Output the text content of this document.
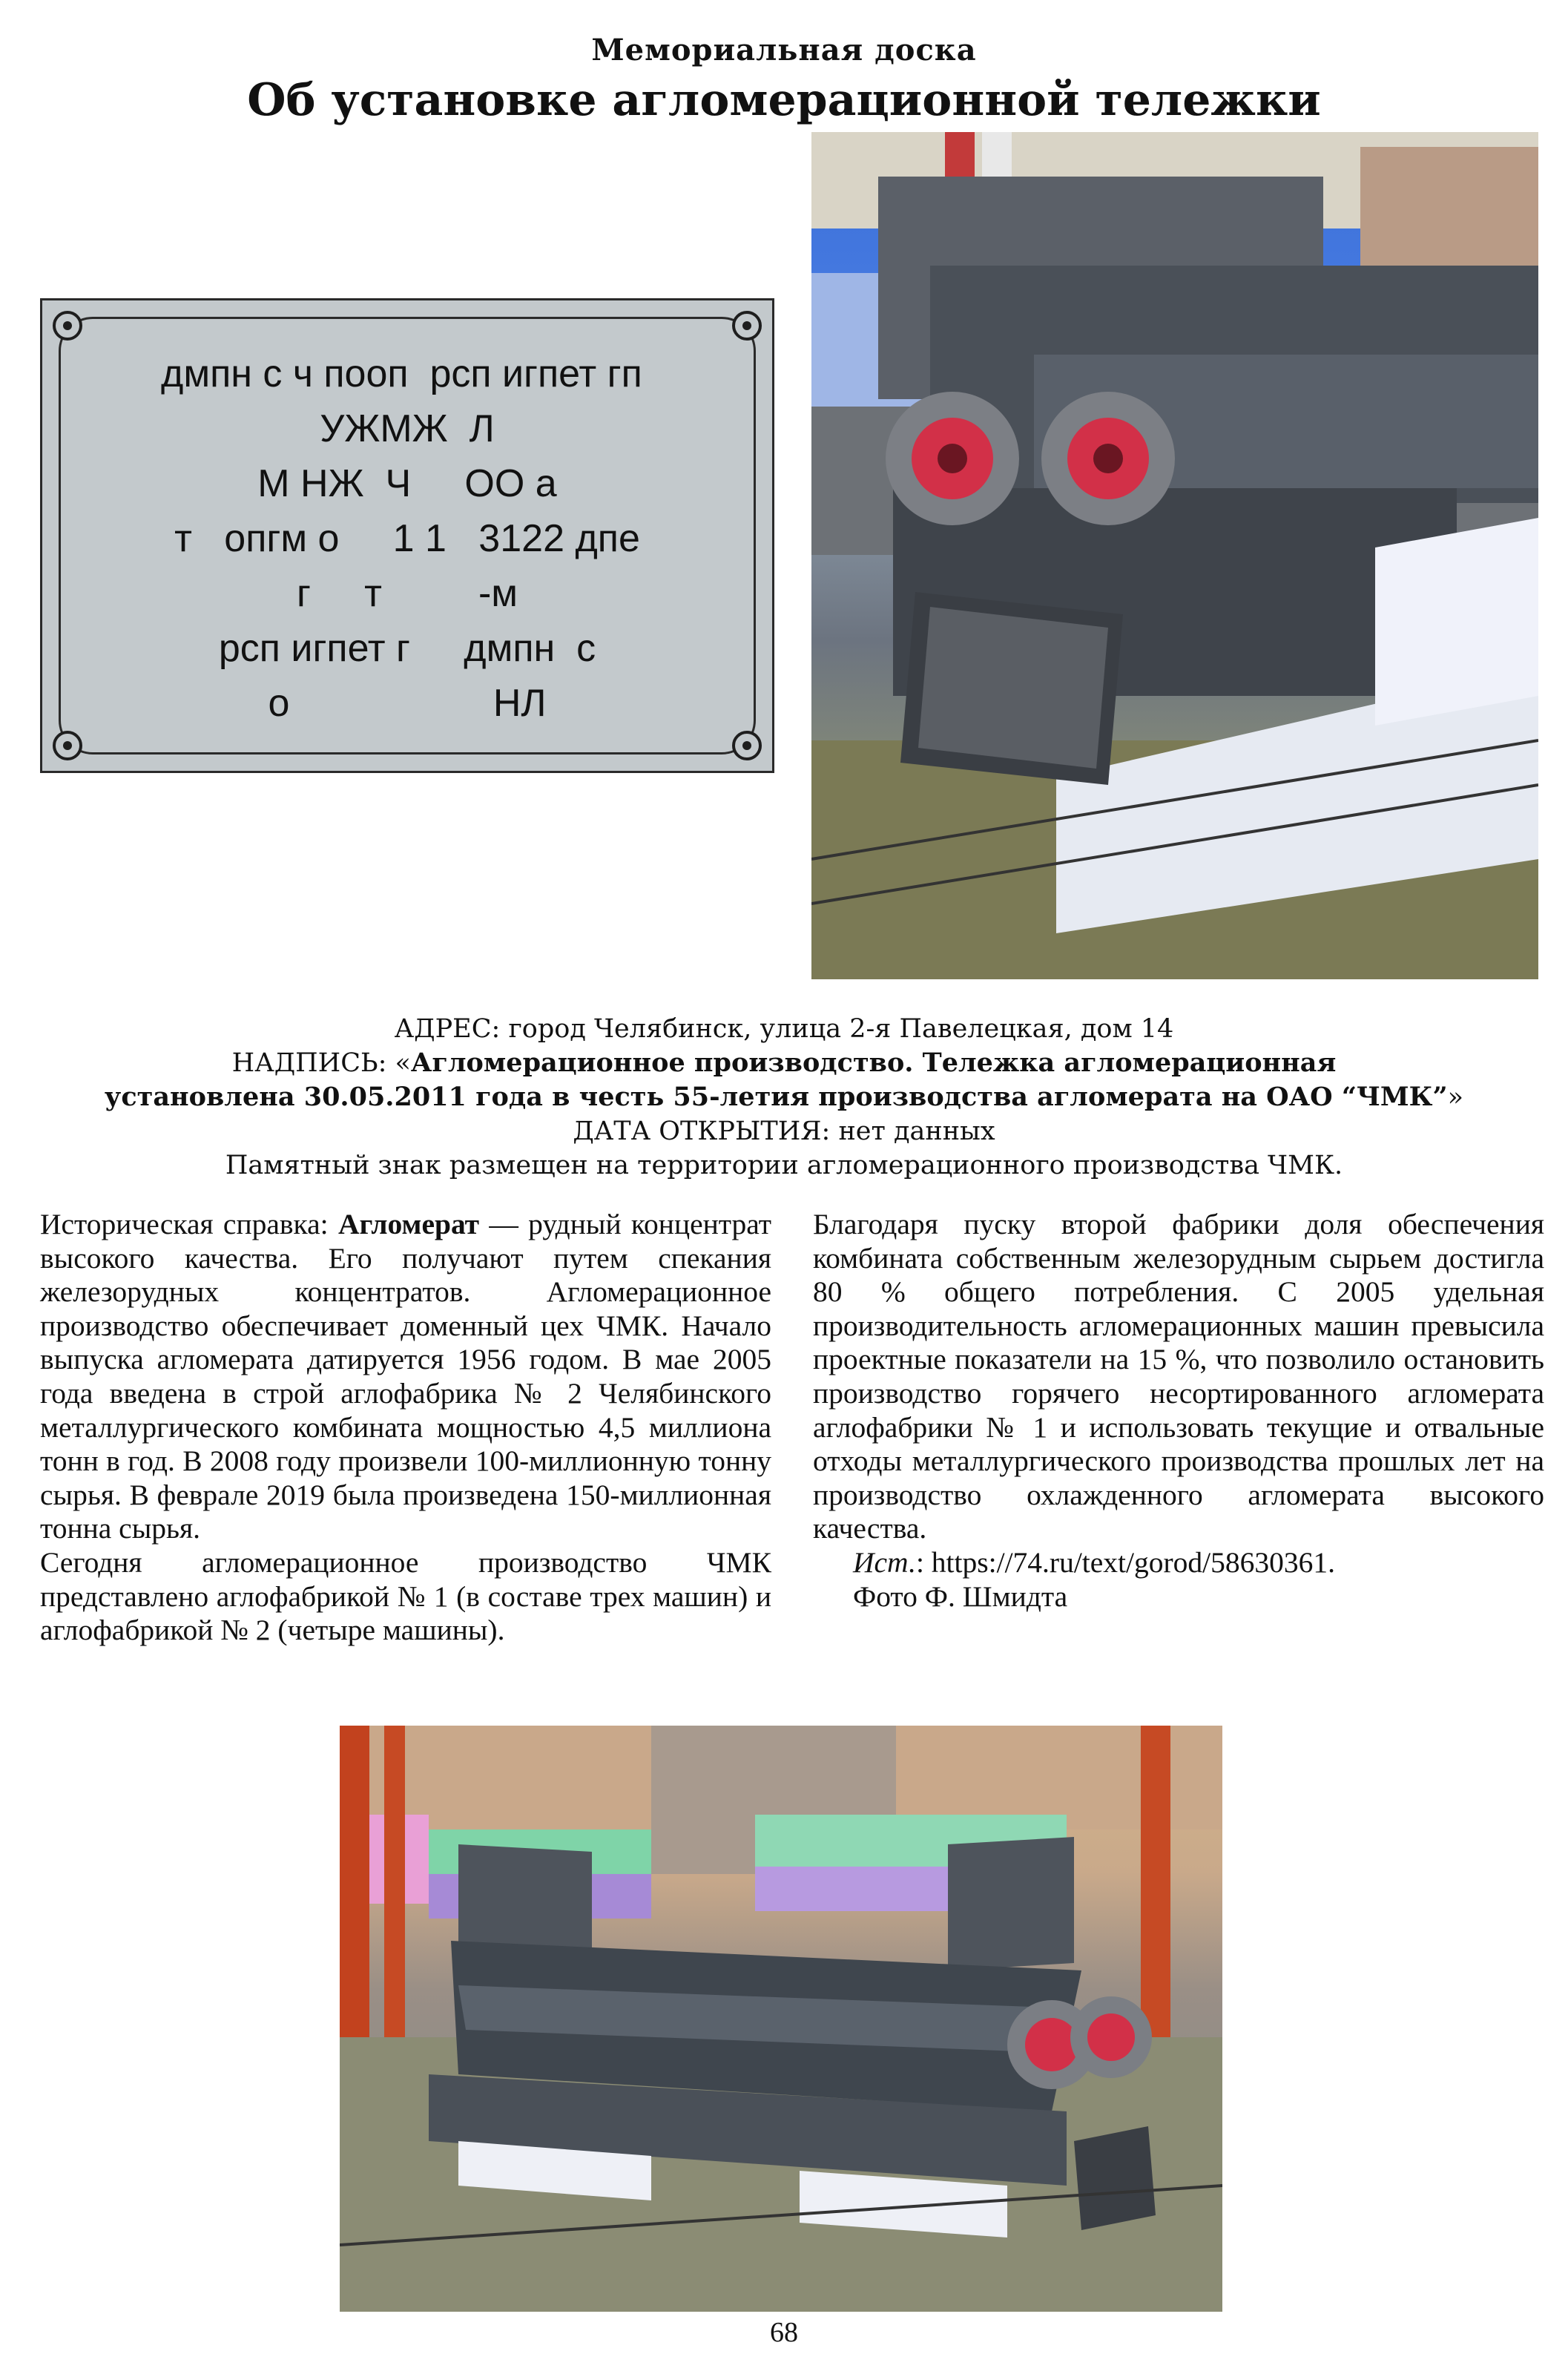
Мемориальная доска
Об установке агломерационной тележки
дмпн с ч пооп  рсп игпет гп
УЖМЖ  Л
М НЖ  Ч     ОО а
т   опгм о     1 1   3122 дпе
г     т         -м
рсп игпет г     дмпн  с
о                   НЛ
АДРЕС: город Челябинск, улица 2-я Павелецкая, дом 14
НАДПИСЬ: «Агломерационное производство. Тележка агломерационная
установлена 30.05.2011 года в честь 55-летия производства агломерата на ОАО “ЧМК”»
ДАТА ОТКРЫТИЯ: нет данных
Памятный знак размещен на территории агломерационного производства ЧМК.

Историческая справка: Агломерат — рудный концентрат высокого качества. Его получают путем спекания железорудных концентратов. Агломерационное производство обеспечивает доменный цех ЧМК. Начало выпуска агломерата датируется 1956 годом. В мае 2005 года введена в строй аглофабрика № 2 Челябинского металлургического комбината мощностью 4,5 миллиона тонн в год. В 2008 году произвели 100-миллионную тонну сырья. В феврале 2019 была произведена 150-миллионная тонна сырья.

Сегодня агломерационное производство ЧМК представлено аглофабрикой № 1 (в составе трех машин) и аглофабрикой № 2 (четыре машины).

Благодаря пуску второй фабрики доля обеспечения комбината собственным железорудным сырьем достигла 80 % общего потребления. С 2005 удельная производительность агломерационных машин превысила проектные показатели на 15 %, что позволило остановить производство горячего несортированного агломерата аглофабрики № 1 и использовать текущие и отвальные отходы металлургического производства прошлых лет на производство охлажденного агломерата высокого качества.

Ист.: https://74.ru/text/gorod/58630361.

Фото Ф. Шмидта

68
